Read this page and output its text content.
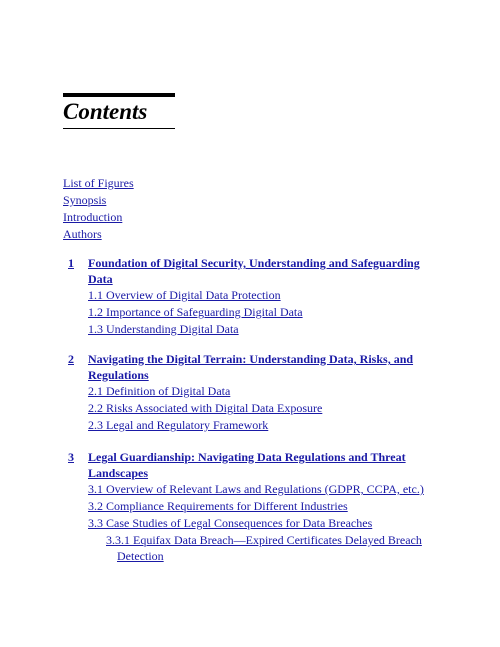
Contents
List of Figures
Synopsis
Introduction
Authors
1 Foundation of Digital Security, Understanding and Safeguarding Data
1.1 Overview of Digital Data Protection
1.2 Importance of Safeguarding Digital Data
1.3 Understanding Digital Data
2 Navigating the Digital Terrain: Understanding Data, Risks, and Regulations
2.1 Definition of Digital Data
2.2 Risks Associated with Digital Data Exposure
2.3 Legal and Regulatory Framework
3 Legal Guardianship: Navigating Data Regulations and Threat Landscapes
3.1 Overview of Relevant Laws and Regulations (GDPR, CCPA, etc.)
3.2 Compliance Requirements for Different Industries
3.3 Case Studies of Legal Consequences for Data Breaches
3.3.1 Equifax Data Breach—Expired Certificates Delayed Breach Detection
